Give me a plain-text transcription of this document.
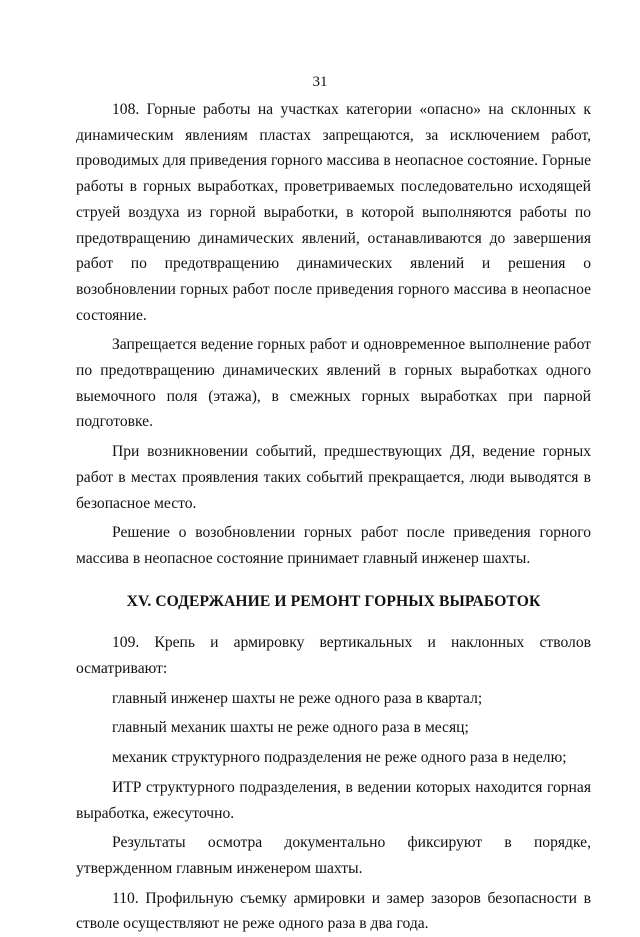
31

108. Горные работы на участках категории «опасно» на склонных к динамическим явлениям пластах запрещаются, за исключением работ, проводимых для приведения горного массива в неопасное состояние. Горные работы в горных выработках, проветриваемых последовательно исходящей струей воздуха из горной выработки, в которой выполняются работы по предотвращению динамических явлений, останавливаются до завершения работ по предотвращению динамических явлений и решения о возобновлении горных работ после приведения горного массива в неопасное состояние.

Запрещается ведение горных работ и одновременное выполнение работ по предотвращению динамических явлений в горных выработках одного выемочного поля (этажа), в смежных горных выработках при парной подготовке.

При возникновении событий, предшествующих ДЯ, ведение горных работ в местах проявления таких событий прекращается, люди выводятся в безопасное место.

Решение о возобновлении горных работ после приведения горного массива в неопасное состояние принимает главный инженер шахты.

XV. СОДЕРЖАНИЕ И РЕМОНТ ГОРНЫХ ВЫРАБОТОК

109. Крепь и армировку вертикальных и наклонных стволов осматривают:

главный инженер шахты не реже одного раза в квартал;

главный механик шахты не реже одного раза в месяц;

механик структурного подразделения не реже одного раза в неделю;

ИТР структурного подразделения, в ведении которых находится горная выработка, ежесуточно.

Результаты осмотра документально фиксируют в порядке, утвержденном главным инженером шахты.

110. Профильную съемку армировки и замер зазоров безопасности в стволе осуществляют не реже одного раза в два года.
